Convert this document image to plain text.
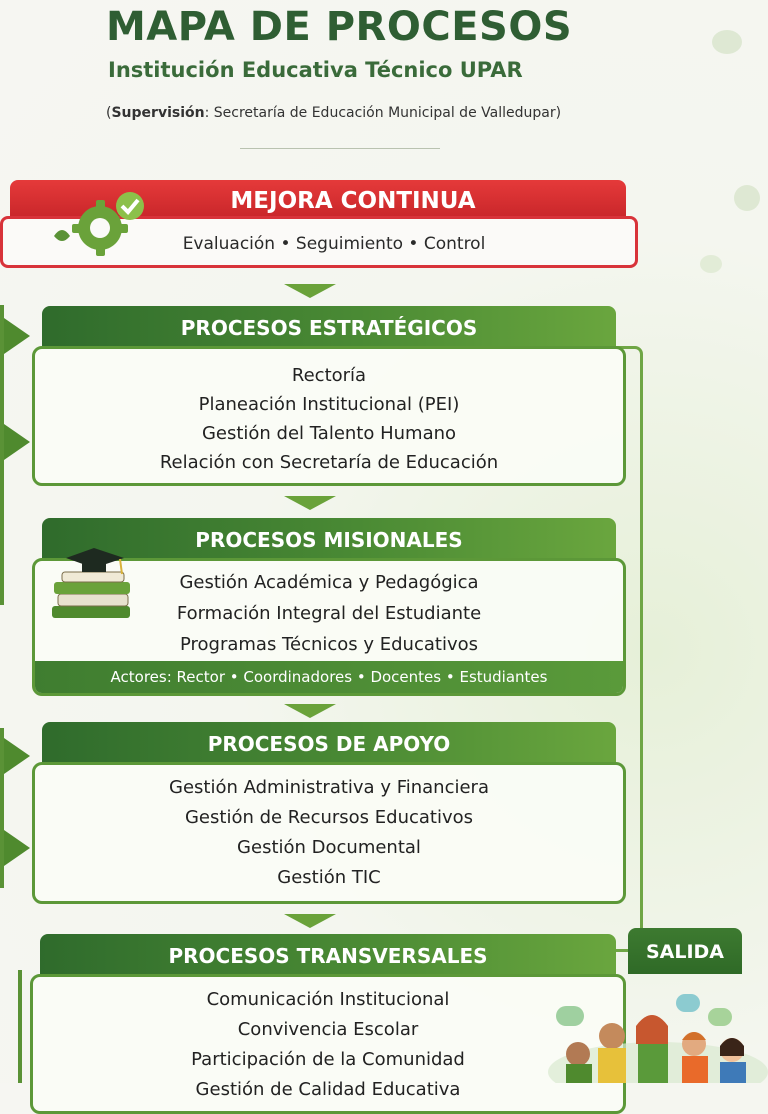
MAPA DE PROCESOS
Institución Educativa Técnico UPAR
(Supervisión: Secretaría de Educación Municipal de Valledupar)
MEJORA CONTINUA
Evaluación • Seguimiento • Control
PROCESOS ESTRATÉGICOS
Rectoría
Planeación Institucional (PEI)
Gestión del Talento Humano
Relación con Secretaría de Educación
PROCESOS MISIONALES
Gestión Académica y Pedagógica
Formación Integral del Estudiante
Programas Técnicos y Educativos
Actores: Rector • Coordinadores • Docentes • Estudiantes
PROCESOS DE APOYO
Gestión Administrativa y Financiera
Gestión de Recursos Educativos
Gestión Documental
Gestión TIC
PROCESOS TRANSVERSALES
Comunicación Institucional
Convivencia Escolar
Participación de la Comunidad
Gestión de Calidad Educativa
SALIDA
